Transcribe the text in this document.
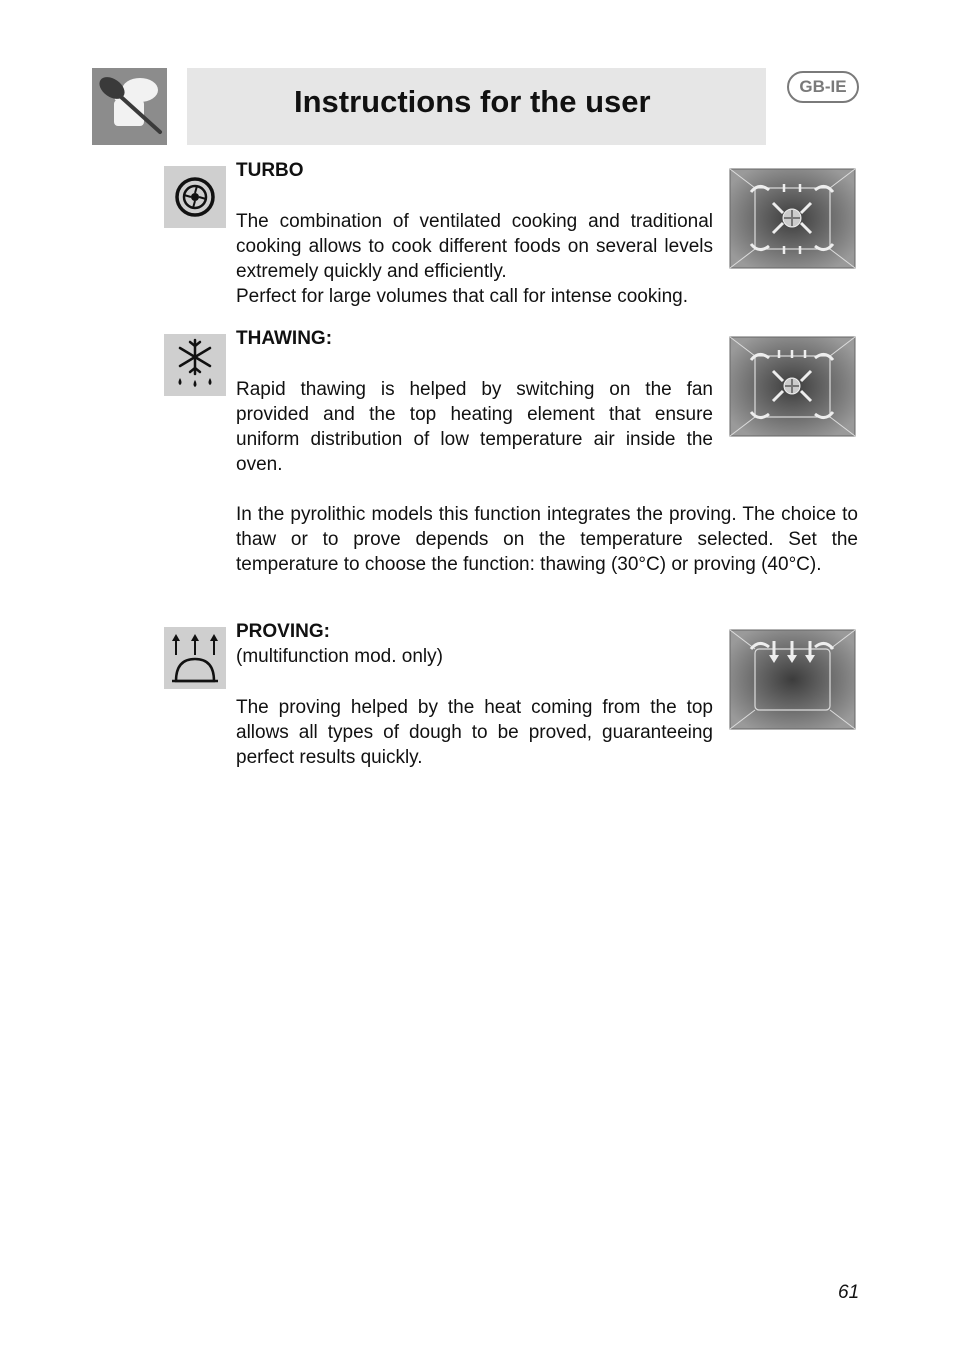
Instructions for the user	GB-IE
TURBO

The combination of ventilated cooking and traditional cooking allows to cook different foods on several levels extremely quickly and efficiently.

Perfect for large volumes that call for intense cooking.

THAWING:

Rapid thawing is helped by switching on the fan provided and the top heating element that ensure uniform distribution of low temperature air inside the oven.

In the pyrolithic models this function integrates the proving. The choice to thaw or to prove depends on the temperature selected. Set the temperature to choose the function: thawing (30°C) or proving (40°C).

PROVING:
(multifunction mod. only)

The proving helped by the heat coming from the top allows all types of dough to be proved, guaranteeing perfect results quickly.

61
